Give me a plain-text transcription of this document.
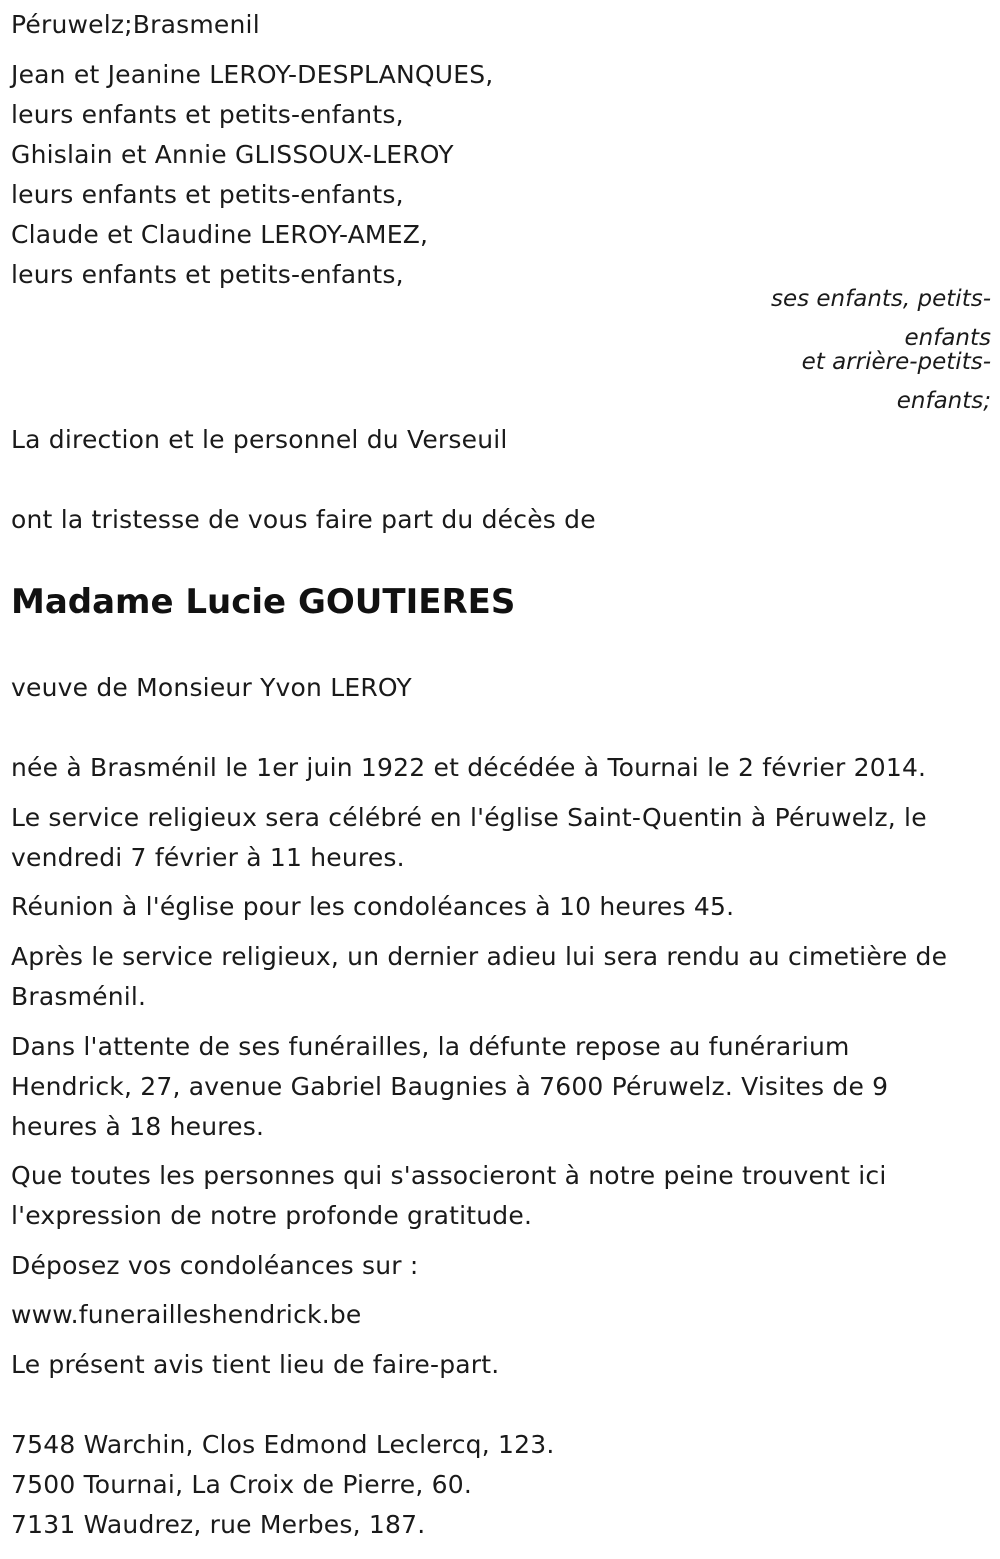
Péruwelz;Brasmenil
Jean et Jeanine LEROY-DESPLANQUES,
leurs enfants et petits-enfants,
Ghislain et Annie GLISSOUX-LEROY
leurs enfants et petits-enfants,
Claude et Claudine LEROY-AMEZ,
leurs enfants et petits-enfants,
ses enfants, petits-
enfants
et arrière-petits-
enfants;
La direction et le personnel du Verseuil
ont la tristesse de vous faire part du décès de
Madame Lucie GOUTIERES
veuve de Monsieur Yvon LEROY
née à Brasménil le 1er juin 1922 et décédée à Tournai le 2 février 2014.
Le service religieux sera célébré en l'église Saint-Quentin à Péruwelz, le
vendredi 7 février à 11 heures.
Réunion à l'église pour les condoléances à 10 heures 45.
Après le service religieux, un dernier adieu lui sera rendu au cimetière de
Brasménil.
Dans l'attente de ses funérailles, la défunte repose au funérarium
Hendrick, 27, avenue Gabriel Baugnies à 7600 Péruwelz. Visites de 9
heures à 18 heures.
Que toutes les personnes qui s'associeront à notre peine trouvent ici
l'expression de notre profonde gratitude.
Déposez vos condoléances sur :
www.funeraillеshendrick.be
Le présent avis tient lieu de faire-part.
7548 Warchin, Clos Edmond Leclercq, 123.
7500 Tournai, La Croix de Pierre, 60.
7131 Waudrez, rue Merbes, 187.
